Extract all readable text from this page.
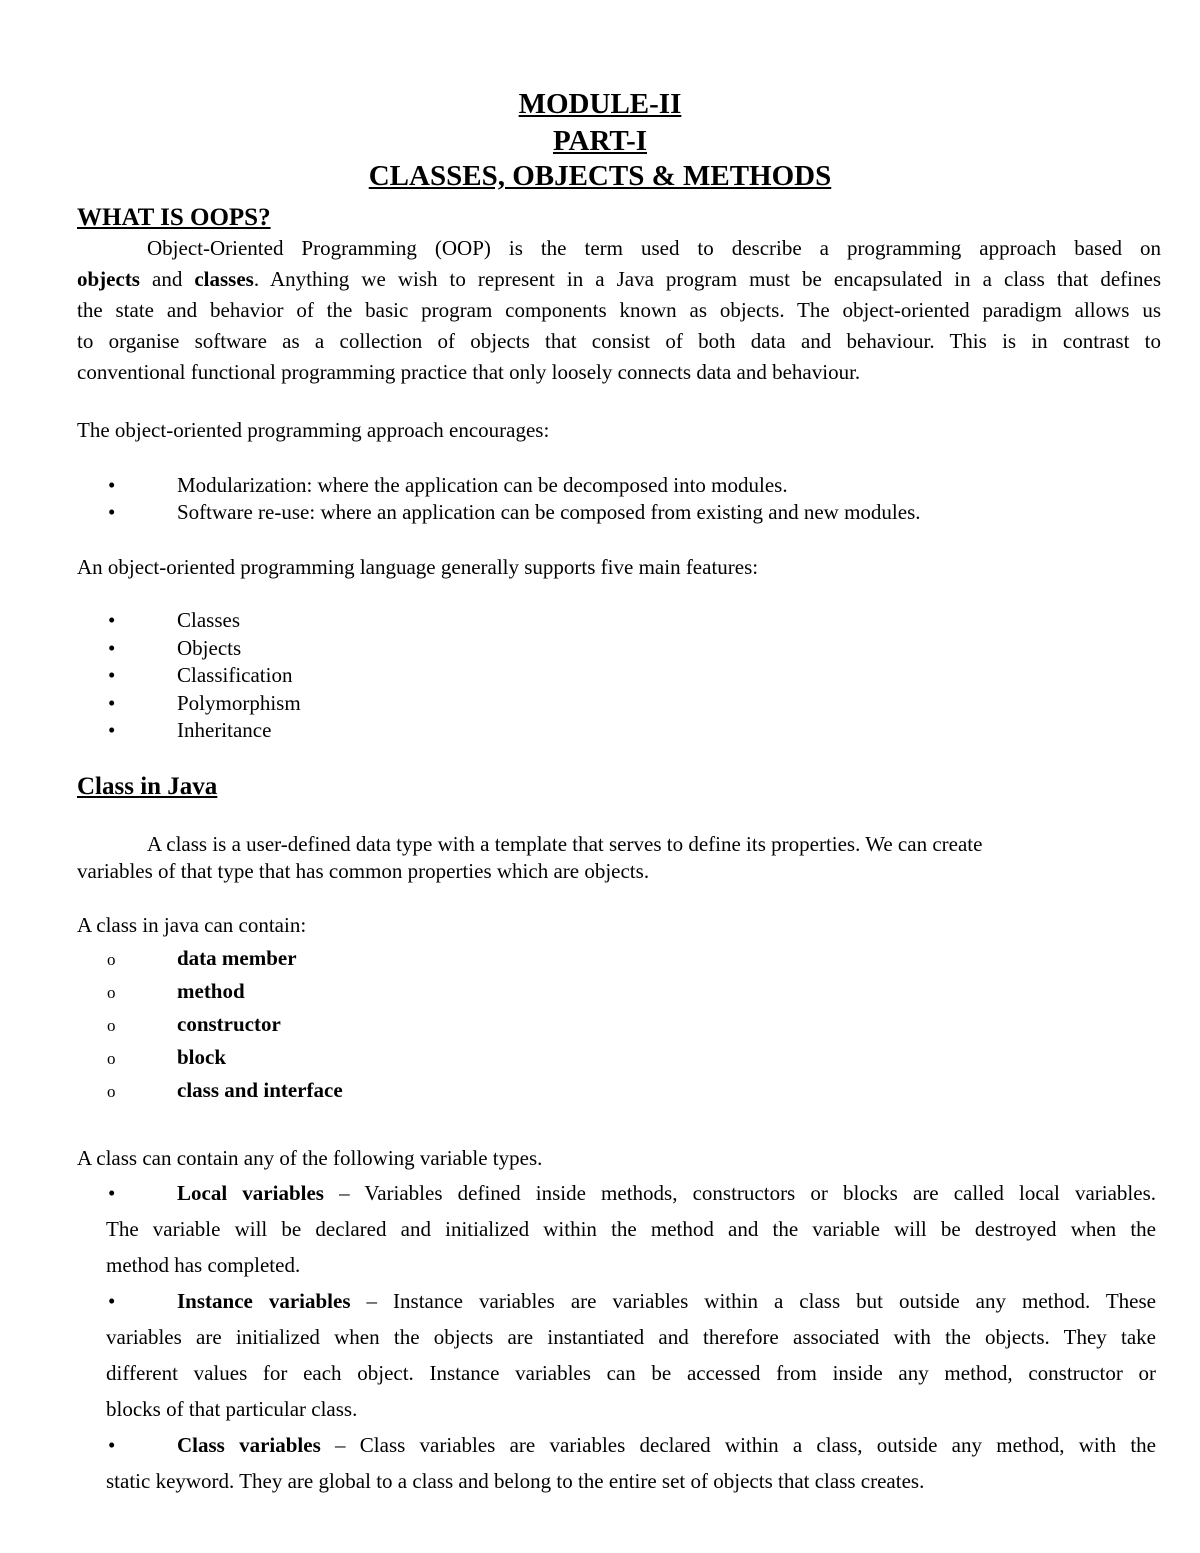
MODULE-II
PART-I
CLASSES, OBJECTS & METHODS
WHAT IS OOPS?
Object-Oriented Programming (OOP) is the term used to describe a programming approach based on
objects and classes. Anything we wish to represent in a Java program must be encapsulated in a class that defines
the state and behavior of the basic program components known as objects. The object-oriented paradigm allows us
to organise software as a collection of objects that consist of both data and behaviour. This is in contrast to
conventional functional programming practice that only loosely connects data and behaviour.
The object-oriented programming approach encourages:
•	Modularization: where the application can be decomposed into modules.
•	Software re-use: where an application can be composed from existing and new modules.
An object-oriented programming language generally supports five main features:
•	Classes
•	Objects
•	Classification
•	Polymorphism
•	Inheritance
Class in Java
A class is a user-defined data type with a template that serves to define its properties. We can create
variables of that type that has common properties which are objects.
A class in java can contain:
o	data member
o	method
o	constructor
o	block
o	class and interface
A class can contain any of the following variable types.
•	Local variables – Variables defined inside methods, constructors or blocks are called local variables.
The variable will be declared and initialized within the method and the variable will be destroyed when the
method has completed.
•	Instance variables – Instance variables are variables within a class but outside any method. These
variables are initialized when the objects are instantiated and therefore associated with the objects. They take
different values for each object. Instance variables can be accessed from inside any method, constructor or
blocks of that particular class.
•	Class variables – Class variables are variables declared within a class, outside any method, with the
static keyword. They are global to a class and belong to the entire set of objects that class creates.
